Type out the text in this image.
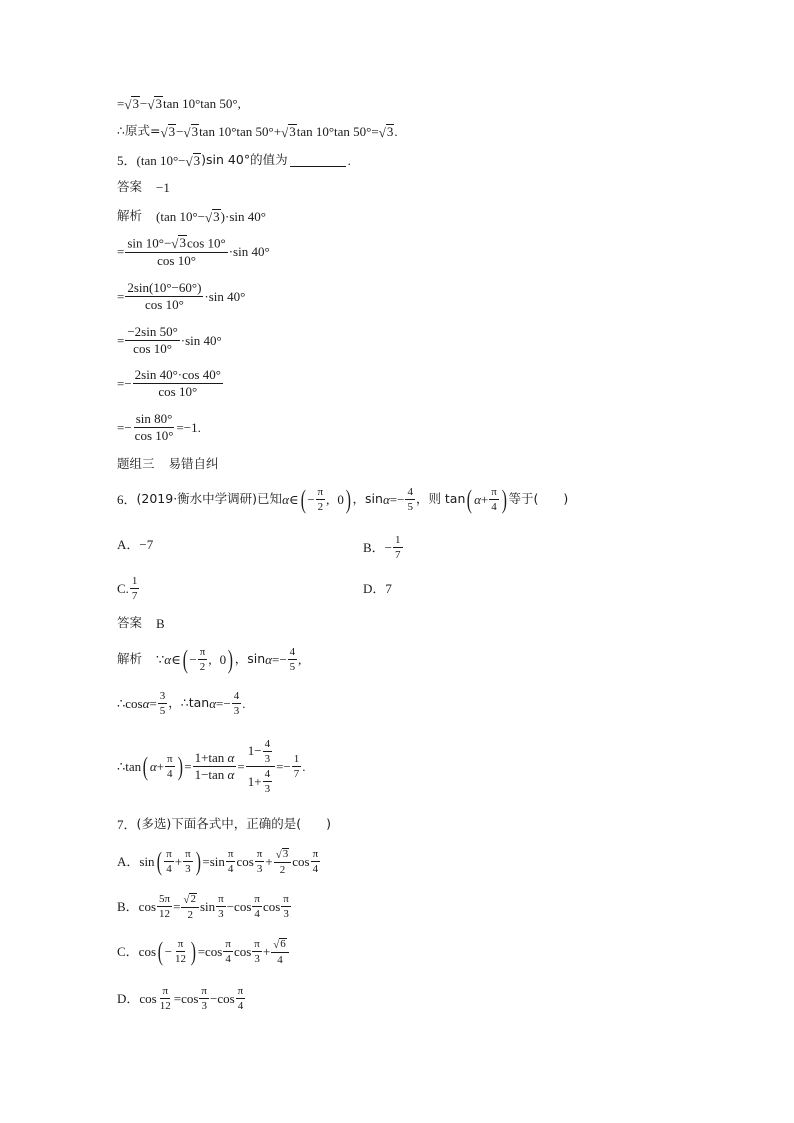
= √ 3 − √ 3 tan 10°tan 50°,
∴原式= √ 3 − √ 3 tan 10°tan 50°+ √ 3 tan 10°tan 50°= √ 3 .
5． (tan 10°− √ 3 )sin 40°的值为	.
答案 −1
解析 (tan 10°− √ 3 )·sin 40°
= $\frac{\sin 10^\circ- √ 3 \cos 10^\circ}{\cos 10^\circ} \cdot\sin$ 40°
= $\frac{2\sin(10^\circ-60^\circ)}{\cos 10^\circ} \cdot\sin$ 40°
= $\frac{-2\sin 50^\circ}{\cos 10^\circ} \cdot\sin$ 40°
=− $\frac{2\sin 40^\circ\cdot\cos 40^\circ}{\cos 10^\circ}$
=− $\frac{\sin 80^\circ}{\cos 10^\circ} =-1$.
题组三 易错自纠
6． (2019·衡水中学调研)已知 α ∈ ( − $\frac{\pi}{2}$ , 0 ) ，$\sin \alpha =- \frac{4}{5}$ ，则 tan ( $\alpha + \frac{\pi}{4}$ ) 等于(　　)
A． −7	B． − $\frac{1}{7}$
C. $\frac{1}{7}$	D． 7
答案 B
解析 ∵ α ∈ ( − $\frac{\pi}{2}$ , 0 ) ，$\sin \alpha =- \frac{4}{5}$ ,
∴cos $\alpha = \frac{3}{5}$ ，∴tan $\alpha =- \frac{4}{3}$ .
∴tan ( $\alpha + \frac{\pi}{4}$ ) = $\frac{\text{1+tan α}}{\text{1−tan α}} = \frac{1- \frac{4}{3}}{1+ \frac{4}{3}} =- \frac{1}{7}$ .
7． (多选)下面各式中，正确的是(　　)
A． sin ( $\frac{\pi}{4} + \frac{\pi}{3}$ ) $=\sin \frac{\pi}{4}$ $\cos \frac{\pi}{3} + \frac{√ 3}{2}$ $\cos \frac{\pi}{4}$
B． $\cos \frac{5\pi}{12} = \frac{√ 2}{2}$ $\sin \frac{\pi}{3} - \cos \frac{\pi}{4}$ $\cos \frac{\pi}{3}$
C． cos ( − $\frac{\pi}{12}$ ) $=\cos \frac{\pi}{4}$ $\cos \frac{\pi}{3} + \frac{√ 6}{4}$
D． $\cos \frac{\pi}{12} =\cos \frac{\pi}{3} - \cos \frac{\pi}{4}$
